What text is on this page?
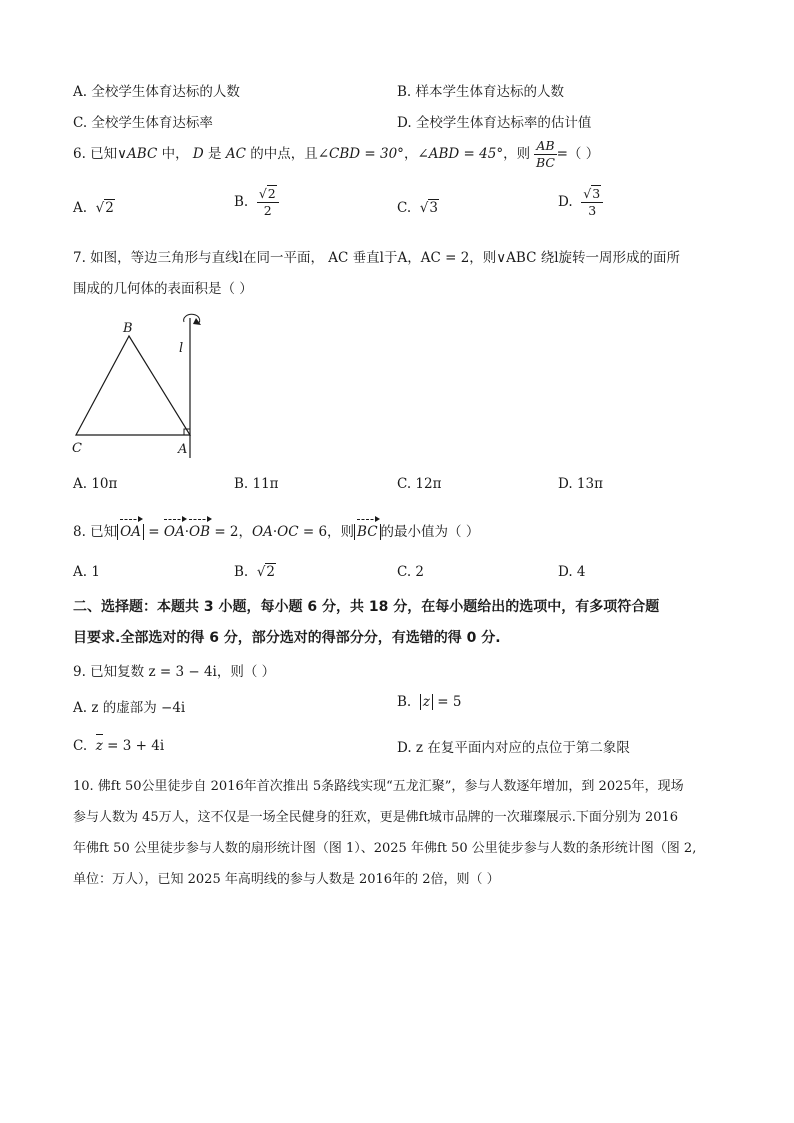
A. 全校学生体育达标的人数	B. 样本学生体育达标的人数
C. 全校学生体育达标率	D. 全校学生体育达标率的估计值
6. 已知∨ABC 中， D 是 AC 的中点，且∠CBD = 30°，∠ABD = 45°，则 $\frac{AB}{BC}$ =（ ）
A. √2	B. $\frac{√2}{2}$	C. √3	D. $\frac{√3}{3}$
7. 如图，等边三角形与直线l在同一平面， AC 垂直l于A，AC = 2，则∨ABC 绕l旋转一周形成的面所
围成的几何体的表面积是（ ）
B
C	A
l
A. 10π	B. 11π	C. 12π	D. 13π
8. 已知 OA = OA·OB = 2，OA·OC = 6，则 BC 的最小值为（ ）
A. 1	B. √2	C. 2	D. 4
二、选择题：本题共 3 小题，每小题 6 分，共 18 分，在每小题给出的选项中，有多项符合题
目要求.全部选对的得 6 分，部分选对的得部分分，有选错的得 0 分.
9. 已知复数 z = 3 − 4i，则（ ）
A. z 的虚部为 −4i	B. z = 5
C. z = 3 + 4i	D. z 在复平面内对应的点位于第二象限
10. 佛ft 50公里徒步自 2016年首次推出 5条路线实现“五龙汇聚”，参与人数逐年增加，到 2025年，现场
参与人数为 45万人，这不仅是一场全民健身的狂欢，更是佛ft城市品牌的一次璀璨展示.下面分别为 2016
年佛ft 50 公里徒步参与人数的扇形统计图（图 1）、2025 年佛ft 50 公里徒步参与人数的条形统计图（图 2,
单位：万人），已知 2025 年高明线的参与人数是 2016年的 2倍，则（ ）
